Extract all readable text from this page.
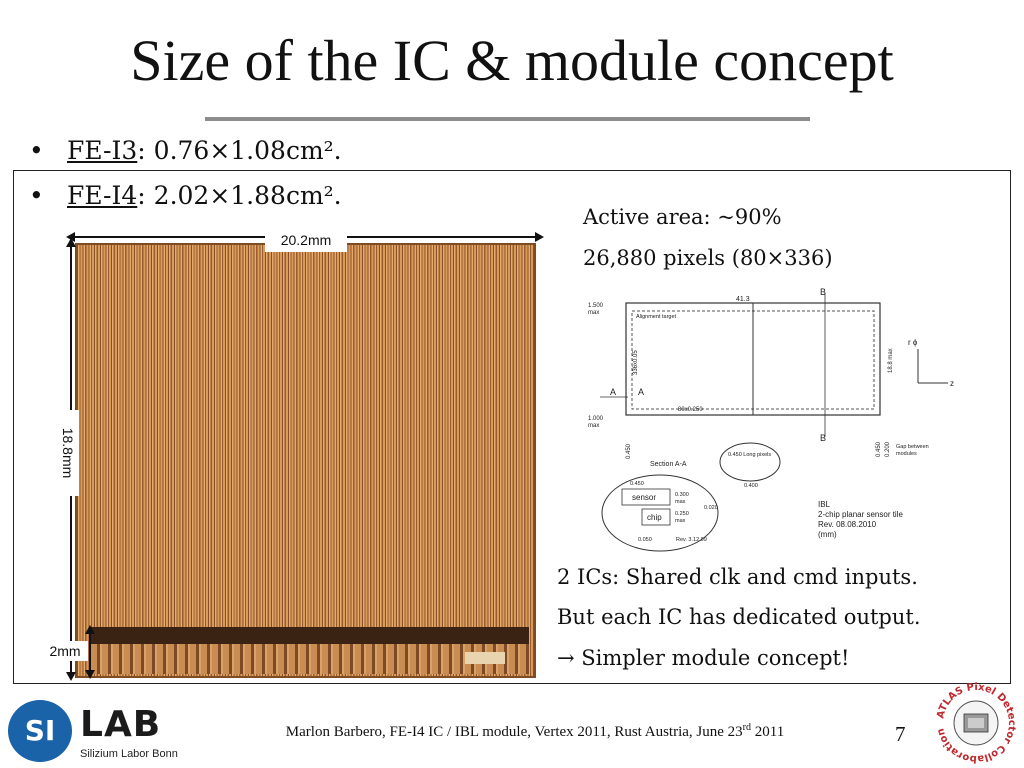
Size of the IC & module concept
• FE-I3: 0.76×1.08cm².
• FE-I4: 2.02×1.88cm².
20.2mm
18.8mm
2mm
Active area: ~90%
26,880 pixels (80×336)
1.500
max
41.3
B
Alignment target
336x0.05	18.8 max
r ϕ
z
A A
80x0.250
1.000
max
B
0.450	0.450 0.200 Gap between
modules
0.450 Long pixels
0.400
Section A-A
0.450
sensor
chip
0.300
max
0.250
max
0.020
0.050	Rev. 3.12.09
IBL
2-chip planar sensor tile
Rev. 08.08.2010
(mm)
2 ICs: Shared clk and cmd inputs.
But each IC has dedicated output.
→ Simpler module concept!
Marlon Barbero, FE-I4 IC / IBL module, Vertex 2011, Rust Austria, June 23rd 2011	7
SI LAB
Silizium Labor Bonn
ATLAS Pixel Detector Collaboration
